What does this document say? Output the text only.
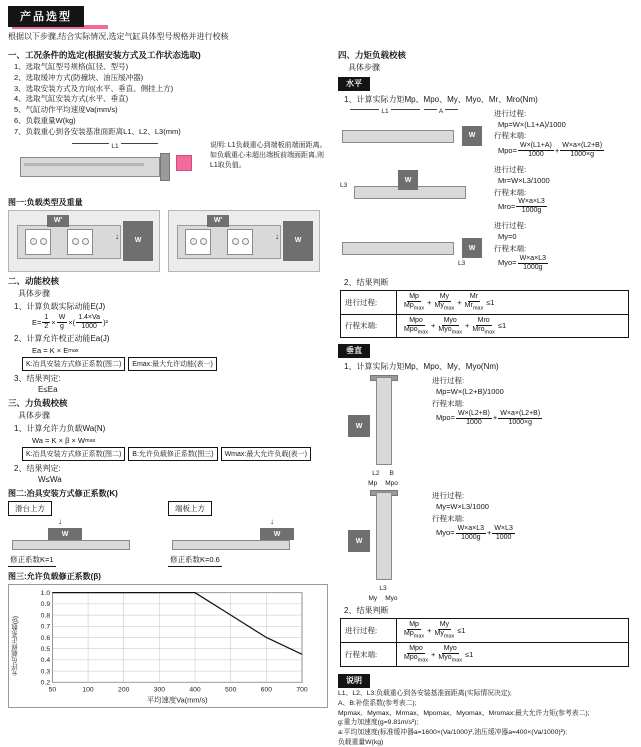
产品选型
根据以下步骤,结合实际情况,选定气缸具体型号规格并进行校核
一、工况条件的选定(根据安装方式及工作状态选取)
1、选取气缸型号规格(缸径、型号)
2、选取缓冲方式(防撞块、油压缓冲器)
3、选取安装方式及方向(水平、垂直、侧挂上方)
4、选取气缸安装方式(水平、垂直)
5、气缸动作平均速度Va(mm/s)
6、负载重量W(kg)
7、负载重心到各安装基准面距离L1、L2、L3(mm)
L1	说明: L1负载重心到端板前端面距离。如负载重心未超出端板前端面距离,则L1取负值。
图一:负载类型及重量
W'
↓	W
W'
↓	W
二、动能校核
具体步骤
1、计算负载实际动能E(J)
$E= \frac{1}{2} \times \frac{W}{g}$ ×( $\frac{1.4\times Va}{1000} )^2$
2、计算允许校正动能Ea(J)
Ea = K × E max
K:冶具安装方式修正系数(图二)	Emax:最大允许动能(表一)
3、结果判定:
E≤Ea
三、力负载校核
具体步骤
1、计算允许力负载Wa(N)
Wa = K × β × W max
K:冶具安装方式修正系数(图二)	B:允许负载修正系数(图三)	Wmax:最大允许负载(表一)
2、结果判定:
W≤Wa
图二:冶具安装方式修正系数(K)
滑台上方
↓
W
修正系数K=1
端板上方
↓
W
修正系数K=0.6
图三:允许负载修正系数(β)
允许负载修正系数(β)
1.0
0.9
0.8
0.7
0.6
0.5
0.4
0.3
0.2
50	100	200	300	400	500	600	700
平均速度Va(mm/s)
四、力矩负载校核
具体步骤
水平
1、计算实际力矩Mp、Mpo、My、Myo、Mr、Mro(Nm)
L1	A
W
进行过程:
Mp=W×(L1+A)/1000
行程末端:
$Mpo= \frac{W\times(L1+A)}{1000} + \frac{W\times a\times(L2+B)}{1000\times g}$
L3
W
进行过程:
Mr=W×L3/1000
行程末端:
$Mro= \frac{W\times a\times L3}{1000g}$
W
L3
进行过程:
My=0
行程末端:
$Myo= \frac{W\times a\times L3}{1000g}$
2、结果判断
进行过程:	$\frac{Mp}{Mp_{max}} + \frac{My}{My_{max}} + \frac{Mr}{Mr_{max}} \le 1$

行程末端:	$\frac{\text{Mpo}}{Mpo_{max}} + \frac{\text{Myo}}{Myo_{max}} + \frac{\text{Mro}}{Mro_{max}} \le 1$
垂直
1、计算实际力矩Mp、Mpo、My、Myo(Nm)
W
L2 B
Mp Mpo
进行过程:
Mp=W×(L2+B)/1000
行程末端:
$Mpo= \frac{W\times(L2+B)}{1000} + \frac{W\times a\times(L2+B)}{1000\times g}$
W
L3
My Myo
进行过程:
My=W×L3/1000
行程末端:
$Myo= \frac{W\times a\times L3}{1000g} + \frac{W\times L3}{1000}$
2、结果判断
进行过程:	$\frac{Mp}{Mp_{max}} + \frac{My}{My_{max}} \le 1$

行程末端:	$\frac{\text{Mpo}}{Mpo_{max}} + \frac{\text{Myo}}{Myo_{max}} \le 1$
说明
L1、L2、L3:负载重心到各安装基准面距离(实际情况决定);
A、B:补偿系数(参考表二);
Mpmax、Mymax、Mrmax、Mpomax、Myomax、Mromax:最大允许力矩(参考表二);
g:重力加速度(g=9.81m/s²);
a:平均加速度(标准缓冲器a=1600×(Va/1000)²,油压缓冲器a=400×(Va/1000)²);
负载重量W(kg)
